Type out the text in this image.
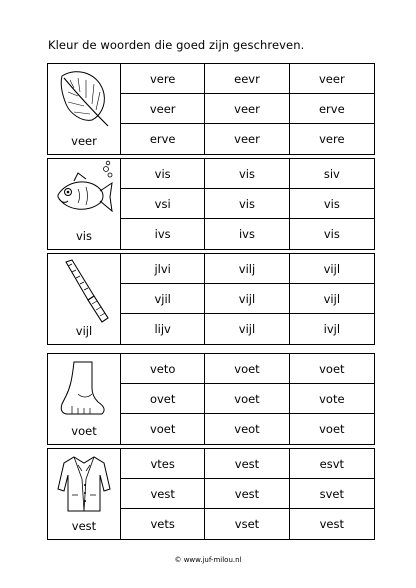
Kleur de woorden die goed zijn geschreven.
veer
vere	eevr	veer
veer	veer	erve
erve	veer	vere
vis
vis	vis	siv
vsi	vis	vis
ivs	ivs	vis
vijl
jlvi	vilj	vijl
vjil	vijl	vijl
lijv	vijl	ivjl
voet
veto	voet	voet
ovet	voet	vote
voet	veot	voet
vest
vtes	vest	esvt
vest	vest	svet
vets	vset	vest
© www.juf-milou.nl
